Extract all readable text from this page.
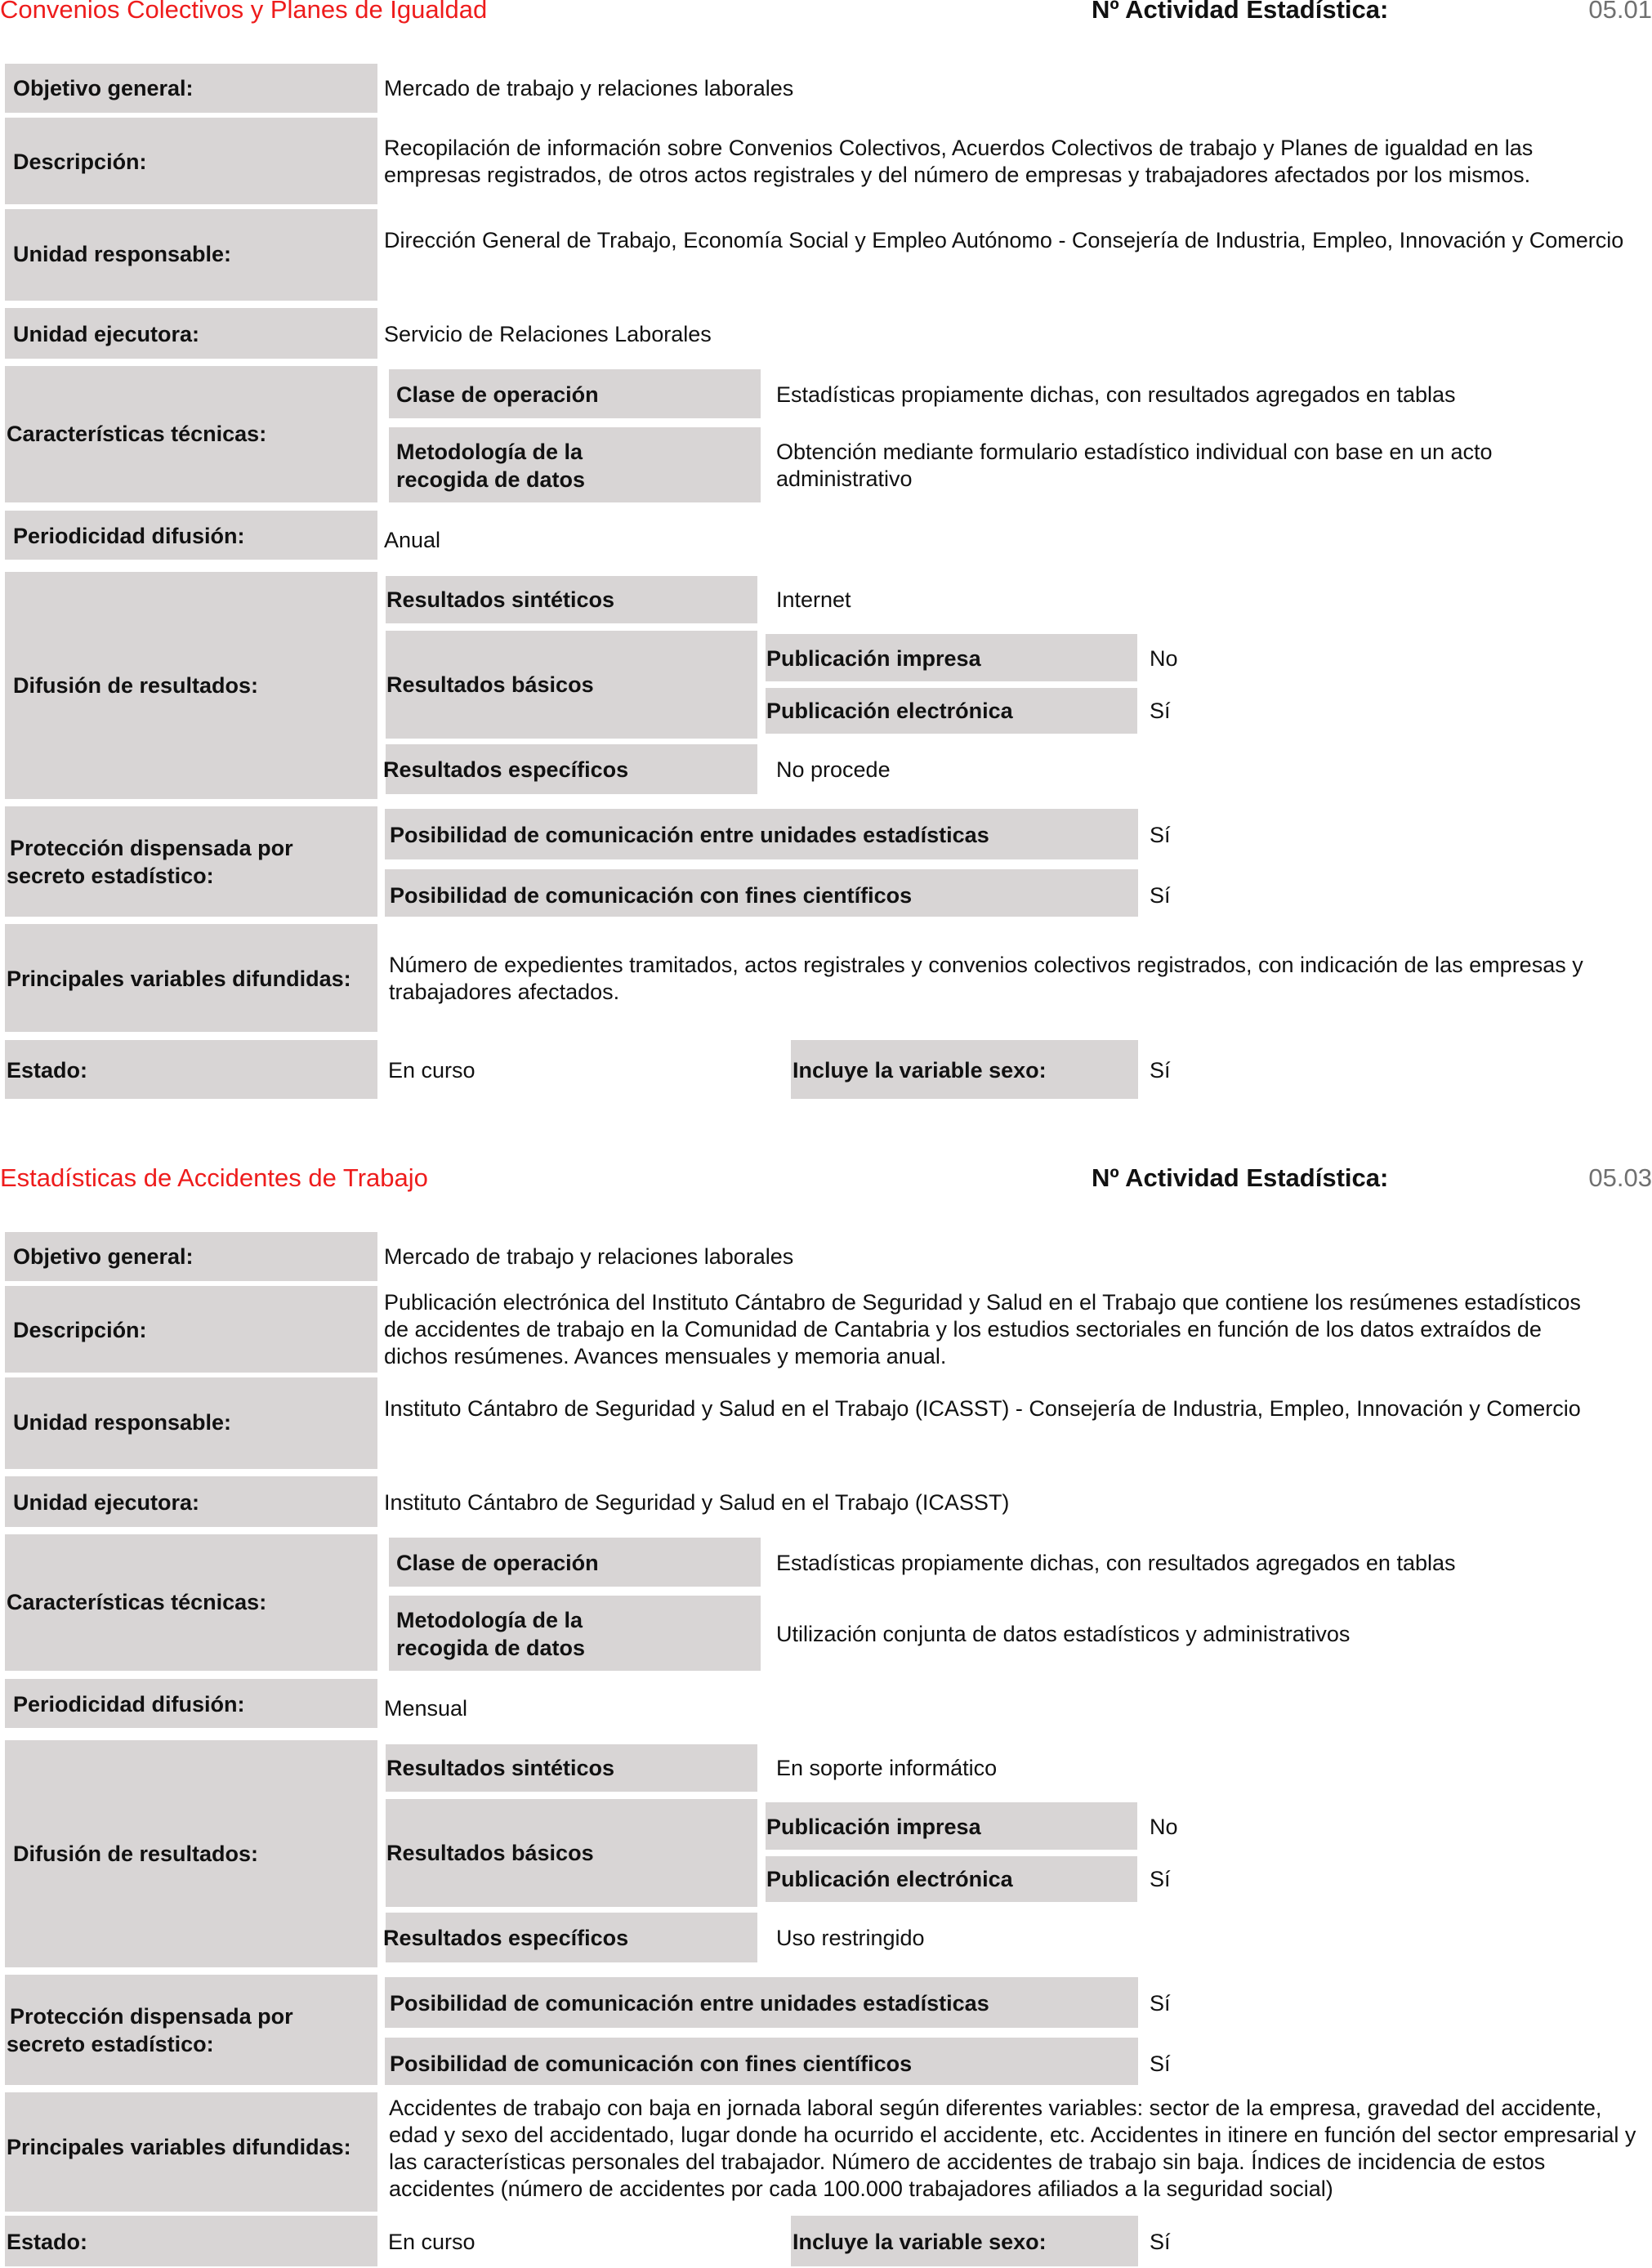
Convenios Colectivos y Planes de Igualdad	Nº Actividad Estadística:	05.01
Objetivo general:	Mercado de trabajo y relaciones laborales
Descripción:
Recopilación de información sobre Convenios Colectivos, Acuerdos Colectivos de trabajo y Planes de igualdad en las empresas registrados, de otros actos registrales y del número de empresas y trabajadores afectados por los mismos.
Unidad responsable:
Dirección General de Trabajo, Economía Social y Empleo Autónomo - Consejería de Industria, Empleo, Innovación y Comercio
Unidad ejecutora:	Servicio de Relaciones Laborales
Características técnicas:
Clase de operación	Estadísticas propiamente dichas, con resultados agregados en tablas
Metodología de la
recogida de datos
Obtención mediante formulario estadístico individual con base en un acto administrativo
Periodicidad difusión:	Anual
Difusión de resultados:
Resultados sintéticos	Internet
Resultados básicos
Publicación impresa	No
Publicación electrónica	Sí
Resultados específicos	No procede
Protección dispensada por
secreto estadístico:
Posibilidad de comunicación entre unidades estadísticas	Sí
Posibilidad de comunicación con fines científicos	Sí
Principales variables difundidas:
Número de expedientes tramitados, actos registrales y convenios colectivos registrados, con indicación de las empresas y trabajadores afectados.
Estado:	En curso	Incluye la variable sexo:	Sí
Estadísticas de Accidentes de Trabajo	Nº Actividad Estadística:	05.03
Objetivo general:	Mercado de trabajo y relaciones laborales
Descripción:
Publicación electrónica del Instituto Cántabro de Seguridad y Salud en el Trabajo que contiene los resúmenes estadísticos de accidentes de trabajo en la Comunidad de Cantabria y los estudios sectoriales en función de los datos extraídos de dichos resúmenes. Avances mensuales y memoria anual.
Unidad responsable:
Instituto Cántabro de Seguridad y Salud en el Trabajo (ICASST) - Consejería de Industria, Empleo, Innovación y Comercio
Unidad ejecutora:	Instituto Cántabro de Seguridad y Salud en el Trabajo (ICASST)
Características técnicas:
Clase de operación	Estadísticas propiamente dichas, con resultados agregados en tablas
Metodología de la
recogida de datos
Utilización conjunta de datos estadísticos y administrativos
Periodicidad difusión:	Mensual
Difusión de resultados:
Resultados sintéticos	En soporte informático
Resultados básicos
Publicación impresa	No
Publicación electrónica	Sí
Resultados específicos	Uso restringido
Protección dispensada por
secreto estadístico:
Posibilidad de comunicación entre unidades estadísticas	Sí
Posibilidad de comunicación con fines científicos	Sí
Principales variables difundidas:
Accidentes de trabajo con baja en jornada laboral según diferentes variables: sector de la empresa, gravedad del accidente, edad y sexo del accidentado, lugar donde ha ocurrido el accidente, etc. Accidentes in itinere en función del sector empresarial y las características personales del trabajador. Número de accidentes de trabajo sin baja. Índices de incidencia de estos accidentes (número de accidentes por cada 100.000 trabajadores afiliados a la seguridad social)
Estado:	En curso	Incluye la variable sexo:	Sí
